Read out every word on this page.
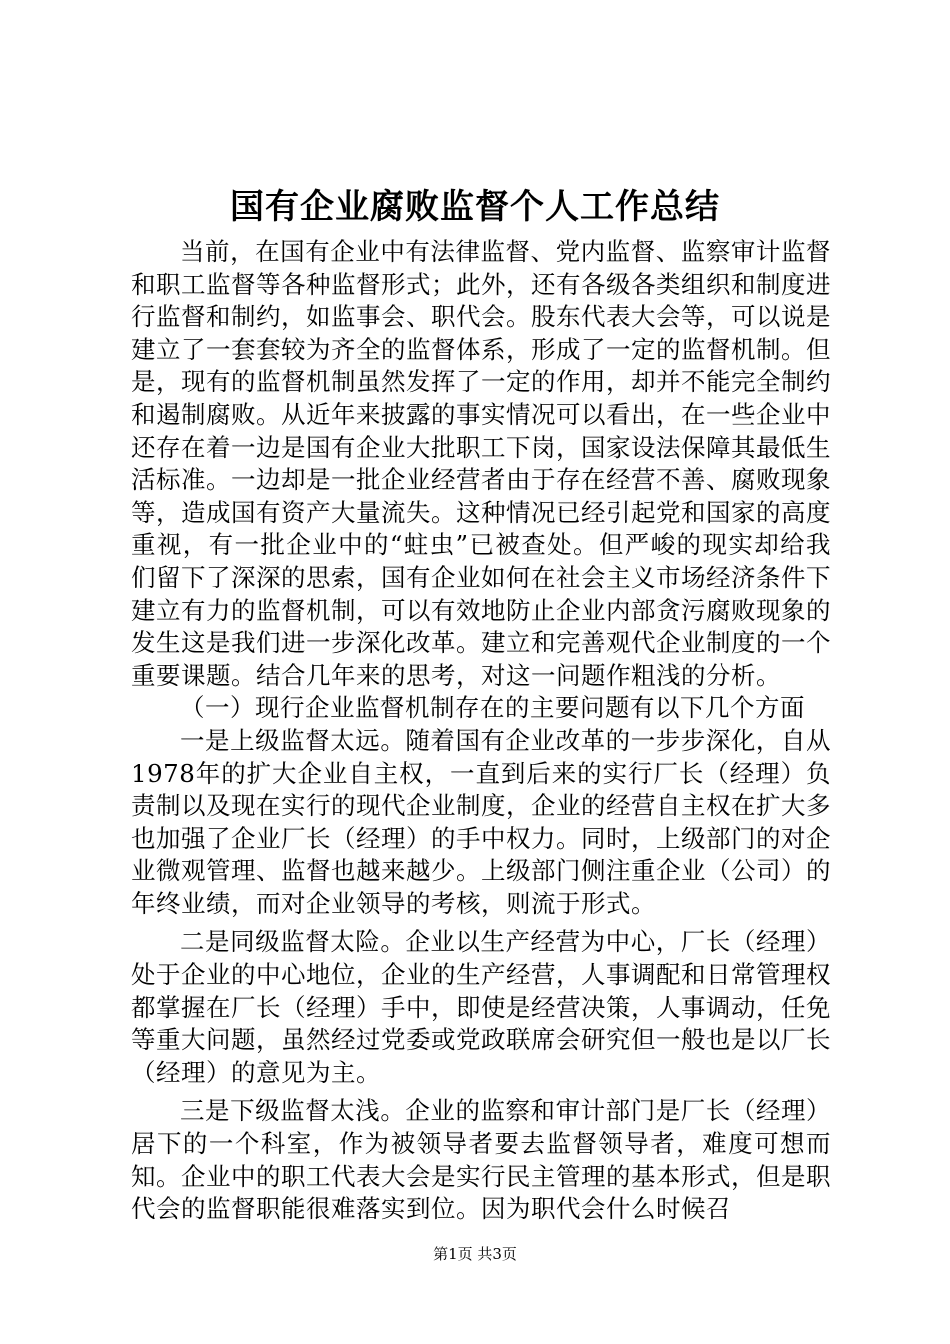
国有企业腐败监督个人工作总结

当前，在国有企业中有法律监督、党内监督、监察审计监督和职工监督等各种监督形式；此外，还有各级各类组织和制度进行监督和制约，如监事会、职代会。股东代表大会等，可以说是建立了一套套较为齐全的监督体系，形成了一定的监督机制。但是，现有的监督机制虽然发挥了一定的作用，却并不能完全制约和遏制腐败。从近年来披露的事实情况可以看出，在一些企业中还存在着一边是国有企业大批职工下岗，国家设法保障其最低生活标准。一边却是一批企业经营者由于存在经营不善、腐败现象等，造成国有资产大量流失。这种情况已经引起党和国家的高度重视，有一批企业中的“蛀虫”已被查处。但严峻的现实却给我们留下了深深的思索，国有企业如何在社会主义市场经济条件下建立有力的监督机制，可以有效地防止企业内部贪污腐败现象的发生这是我们进一步深化改革。建立和完善观代企业制度的一个重要课题。结合几年来的思考，对这一问题作粗浅的分析。

（一）现行企业监督机制存在的主要问题有以下几个方面

一是上级监督太远。随着国有企业改革的一步步深化，自从1978年的扩大企业自主权，一直到后来的实行厂长（经理）负责制以及现在实行的现代企业制度，企业的经营自主权在扩大多也加强了企业厂长（经理）的手中权力。同时，上级部门的对企业微观管理、监督也越来越少。上级部门侧注重企业（公司）的年终业绩，而对企业领导的考核，则流于形式。

二是同级监督太险。企业以生产经营为中心，厂长（经理）处于企业的中心地位，企业的生产经营，人事调配和日常管理权都掌握在厂长（经理）手中，即使是经营决策，人事调动，任免等重大问题，虽然经过党委或党政联席会研究但一般也是以厂长（经理）的意见为主。

三是下级监督太浅。企业的监察和审计部门是厂长（经理）居下的一个科室，作为被领导者要去监督领导者，难度可想而知。企业中的职工代表大会是实行民主管理的基本形式，但是职代会的监督职能很难落实到位。因为职代会什么时候召

第1页 共3页
